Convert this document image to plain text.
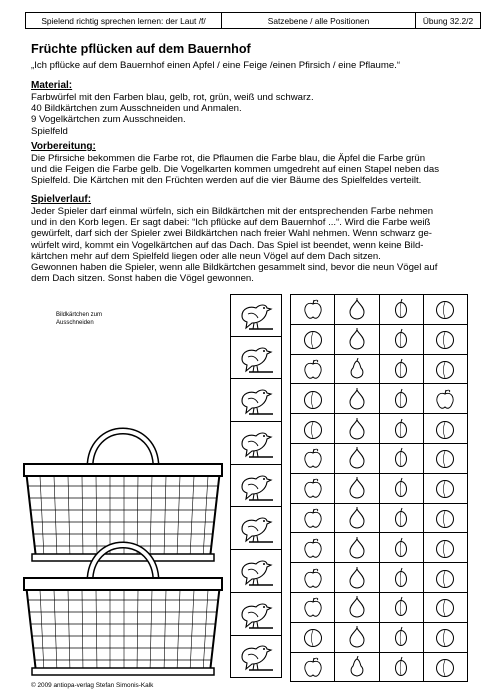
Spielend richtig sprechen lernen: der Laut /f/	Satzebene / alle Positionen	Übung 32.2/2
Früchte pflücken auf dem Bauernhof
„Ich pflücke auf dem Bauernhof einen Apfel / eine Feige /einen Pfirsich / eine Pflaume.“
Material:

Farbwürfel mit den Farben blau, gelb, rot, grün, weiß und schwarz.
40 Bildkärtchen zum Ausschneiden und Anmalen.
9 Vogelkärtchen zum Ausschneiden.
Spielfeld

Vorbereitung:

Die Pfirsiche bekommen die Farbe rot, die Pflaumen die Farbe blau, die Äpfel die Farbe grün
und die Feigen die Farbe gelb. Die Vogelkarten kommen umgedreht auf einen Stapel neben das
Spielfeld. Die Kärtchen mit den Früchten werden auf die vier Bäume des Spielfeldes verteilt.

Spielverlauf:

Jeder Spieler darf einmal würfeln, sich ein Bildkärtchen mit der entsprechenden Farbe nehmen
und in den Korb legen. Er sagt dabei: “Ich pflücke auf dem Bauernhof ...“. Wird die Farbe weiß
gewürfelt, darf sich der Spieler zwei Bildkärtchen nach freier Wahl nehmen. Wenn schwarz ge-
würfelt wird, kommt ein Vogelkärtchen auf das Dach. Das Spiel ist beendet, wenn keine Bild-
kärtchen mehr auf dem Spielfeld liegen oder alle neun Vögel auf dem Dach sitzen.
Gewonnen haben die Spieler, wenn alle Bildkärtchen gesammelt sind, bevor die neun Vögel auf
dem Dach sitzen. Sonst haben die Vögel gewonnen.

Bildkärtchen zum
Ausschneiden
© 2009 antiopa-verlag Stefan Simonis-Kalk
